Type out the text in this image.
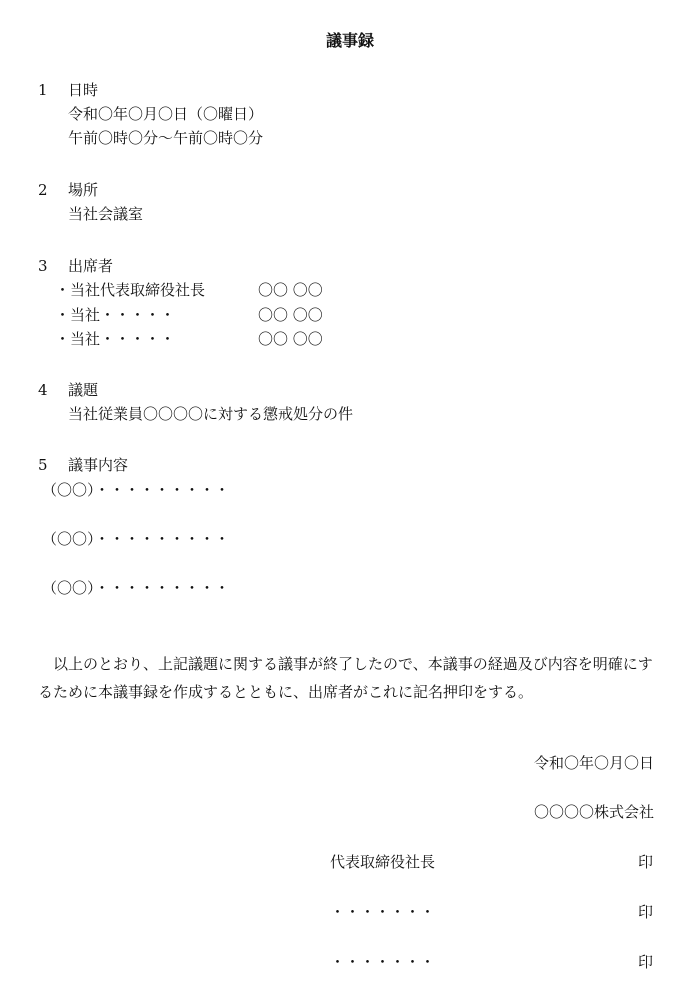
議事録
1 日時
令和〇年〇月〇日（〇曜日）
午前〇時〇分～午前〇時〇分
2 場所
当社会議室
3 出席者
・当社代表取締役社長	〇〇 〇〇
・当社・・・・・	〇〇 〇〇
・当社・・・・・	〇〇 〇〇
4 議題
当社従業員〇〇〇〇に対する懲戒処分の件
5 議事内容
（〇〇）・・・・・・・・・
（〇〇）・・・・・・・・・
（〇〇）・・・・・・・・・

以上のとおり、上記議題に関する議事が終了したので、本議事の経過及び内容を明確にするために本議事録を作成するとともに、出席者がこれに記名押印をする。

令和〇年〇月〇日
〇〇〇〇株式会社
代表取締役社長	印
・・・・・・・	印
・・・・・・・	印
